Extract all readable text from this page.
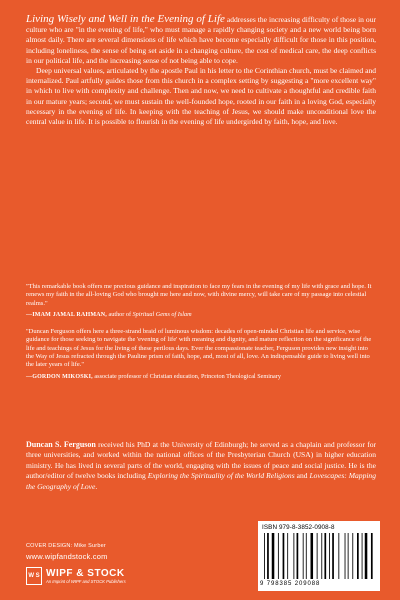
Living Wisely and Well in the Evening of Life addresses the increasing difficulty of those in our culture who are "in the evening of life," who must manage a rapidly changing society and a new world being born almost daily. There are several dimensions of life which have become especially difficult for those in this position, including loneliness, the sense of being set aside in a changing culture, the cost of medical care, the deep conflicts in our political life, and the increasing sense of not being able to cope.

Deep universal values, articulated by the apostle Paul in his letter to the Corinthian church, must be claimed and internalized. Paul artfully guides those from this church in a complex setting by suggesting a "more excellent way" in which to live with complexity and challenge. Then and now, we need to cultivate a thoughtful and credible faith in our mature years; second, we must sustain the well-founded hope, rooted in our faith in a loving God, especially necessary in the evening of life. In keeping with the teaching of Jesus, we should make unconditional love the central value in life. It is possible to flourish in the evening of life undergirded by faith, hope, and love.

"This remarkable book offers me precious guidance and inspiration to face my fears in the evening of my life with grace and hope. It renews my faith in the all-loving God who brought me here and now, with divine mercy, will take care of my passage into celestial realms."

—IMAM JAMAL RAHMAN, author of Spiritual Gems of Islam

"Duncan Ferguson offers here a three-strand braid of luminous wisdom: decades of open-minded Christian life and service, wise guidance for those seeking to navigate the 'evening of life' with meaning and dignity, and mature reflection on the significance of the life and teachings of Jesus for the living of these perilous days. Ever the compassionate teacher, Ferguson provides new insight into the Way of Jesus refracted through the Pauline prism of faith, hope, and, most of all, love. An indispensable guide to living well into the later years of life."

—GORDON MIKOSKI, associate professor of Christian education, Princeton Theological Seminary

Duncan S. Ferguson received his PhD at the University of Edinburgh; he served as a chaplain and professor for three universities, and worked within the national offices of the Presbyterian Church (USA) in higher education ministry. He has lived in several parts of the world, engaging with the issues of peace and social justice. He is the author/editor of twelve books including Exploring the Spirituality of the World Religions and Lovescapes: Mapping the Geography of Love.
COVER DESIGN: Mike Surber
www.wipfandstock.com
W S WIPF & STOCK
An Imprint of WIPF and STOCK Publishers
ISBN 979-8-3852-0908-8
9 798385 209088
